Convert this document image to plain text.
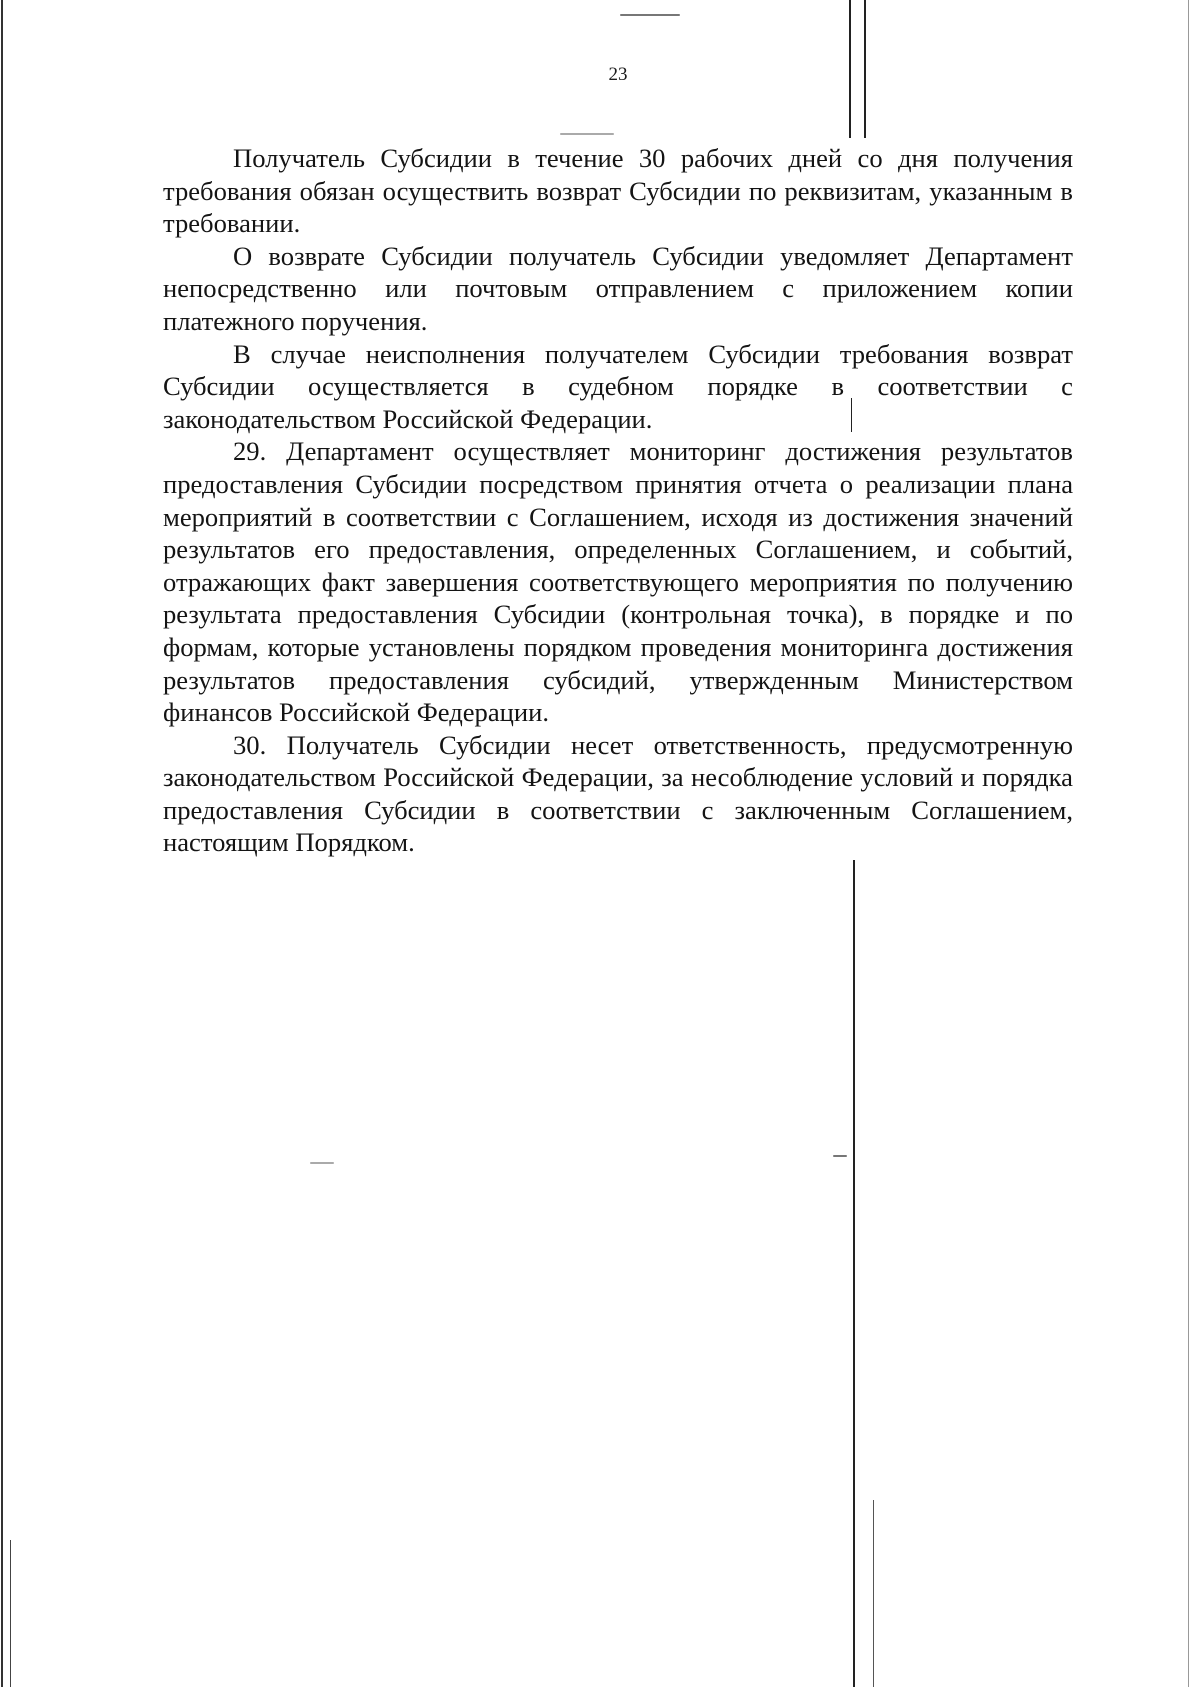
23

Получатель Субсидии в течение 30 рабочих дней со дня получения требования обязан осуществить возврат Субсидии по реквизитам, указанным в требовании.

О возврате Субсидии получатель Субсидии уведомляет Департамент непосредственно или почтовым отправлением с приложением копии платежного поручения.

В случае неисполнения получателем Субсидии требования возврат Субсидии осуществляется в судебном порядке в соответствии с законодательством Российской Федерации.

29. Департамент осуществляет мониторинг достижения результатов предоставления Субсидии посредством принятия отчета о реализации плана мероприятий в соответствии с Соглашением, исходя из достижения значений результатов его предоставления, определенных Соглашением, и событий, отражающих факт завершения соответствующего мероприятия по получению результата предоставления Субсидии (контрольная точка), в порядке и по формам, которые установлены порядком проведения мониторинга достижения результатов предоставления субсидий, утвержденным Министерством финансов Российской Федерации.

30. Получатель Субсидии несет ответственность, предусмотренную законодательством Российской Федерации, за несоблюдение условий и порядка предоставления Субсидии в соответствии с заключенным Соглашением, настоящим Порядком.
